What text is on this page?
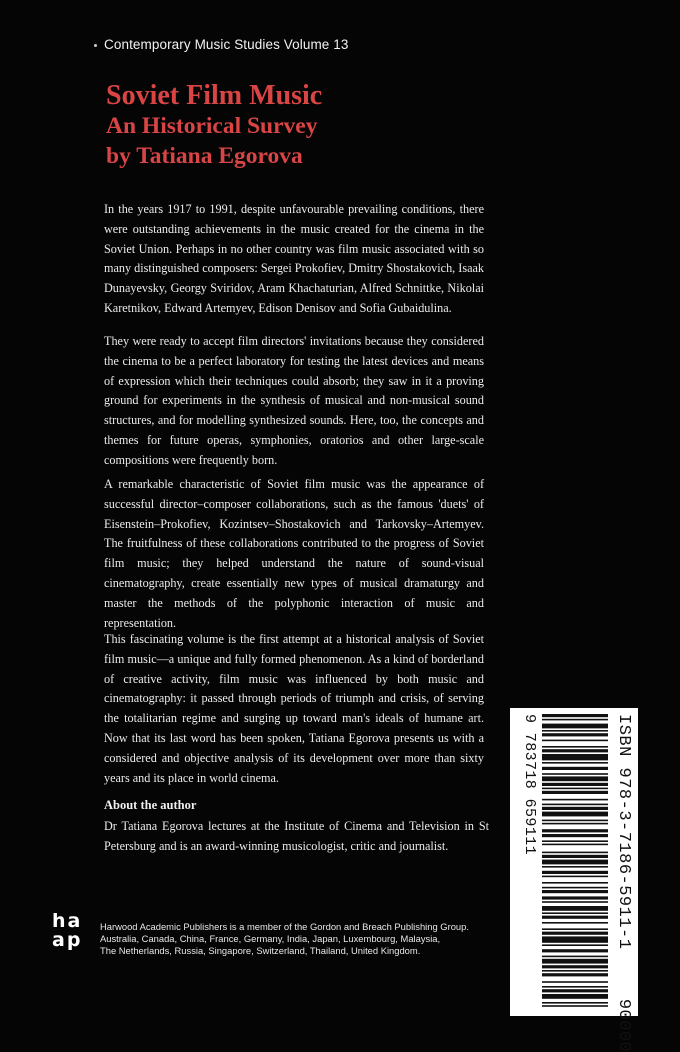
Contemporary Music Studies Volume 13
Soviet Film Music
An Historical Survey
by Tatiana Egorova

In the years 1917 to 1991, despite unfavourable prevailing conditions, there were outstanding achievements in the music created for the cinema in the Soviet Union. Perhaps in no other country was film music associated with so many distinguished composers: Sergei Prokofiev, Dmitry Shostakovich, Isaak Dunayevsky, Georgy Sviridov, Aram Khachaturian, Alfred Schnittke, Nikolai Karetnikov, Edward Artemyev, Edison Denisov and Sofia Gubaidulina.

They were ready to accept film directors' invitations because they considered the cinema to be a perfect laboratory for testing the latest devices and means of expression which their techniques could absorb; they saw in it a proving ground for experiments in the synthesis of musical and non-musical sound structures, and for modelling synthesized sounds. Here, too, the concepts and themes for future operas, symphonies, oratorios and other large-scale compositions were frequently born.

A remarkable characteristic of Soviet film music was the appearance of successful director–composer collaborations, such as the famous 'duets' of Eisenstein–Prokofiev, Kozintsev–Shostakovich and Tarkovsky–Artemyev. The fruitfulness of these collaborations contributed to the progress of Soviet film music; they helped understand the nature of sound-visual cinematography, create essentially new types of musical dramaturgy and master the methods of the polyphonic interaction of music and representation.

This fascinating volume is the first attempt at a historical analysis of Soviet film music—a unique and fully formed phenomenon. As a kind of borderland of creative activity, film music was influenced by both music and cinematography: it passed through periods of triumph and crisis, of serving the totalitarian regime and surging up toward man's ideals of humane art. Now that its last word has been spoken, Tatiana Egorova presents us with a considered and objective analysis of its development over more than sixty years and its place in world cinema.

About the author

Dr Tatiana Egorova lectures at the Institute of Cinema and Television in St Petersburg and is an award-winning musicologist, critic and journalist.

h a
a p
Harwood Academic Publishers is a member of the Gordon and Breach Publishing Group.
Australia, Canada, China, France, Germany, India, Japan, Luxembourg, Malaysia,
The Netherlands, Russia, Singapore, Switzerland, Thailand, United Kingdom.
ISBN 978-3-7186-5911-1  90000
9 783718 659111
